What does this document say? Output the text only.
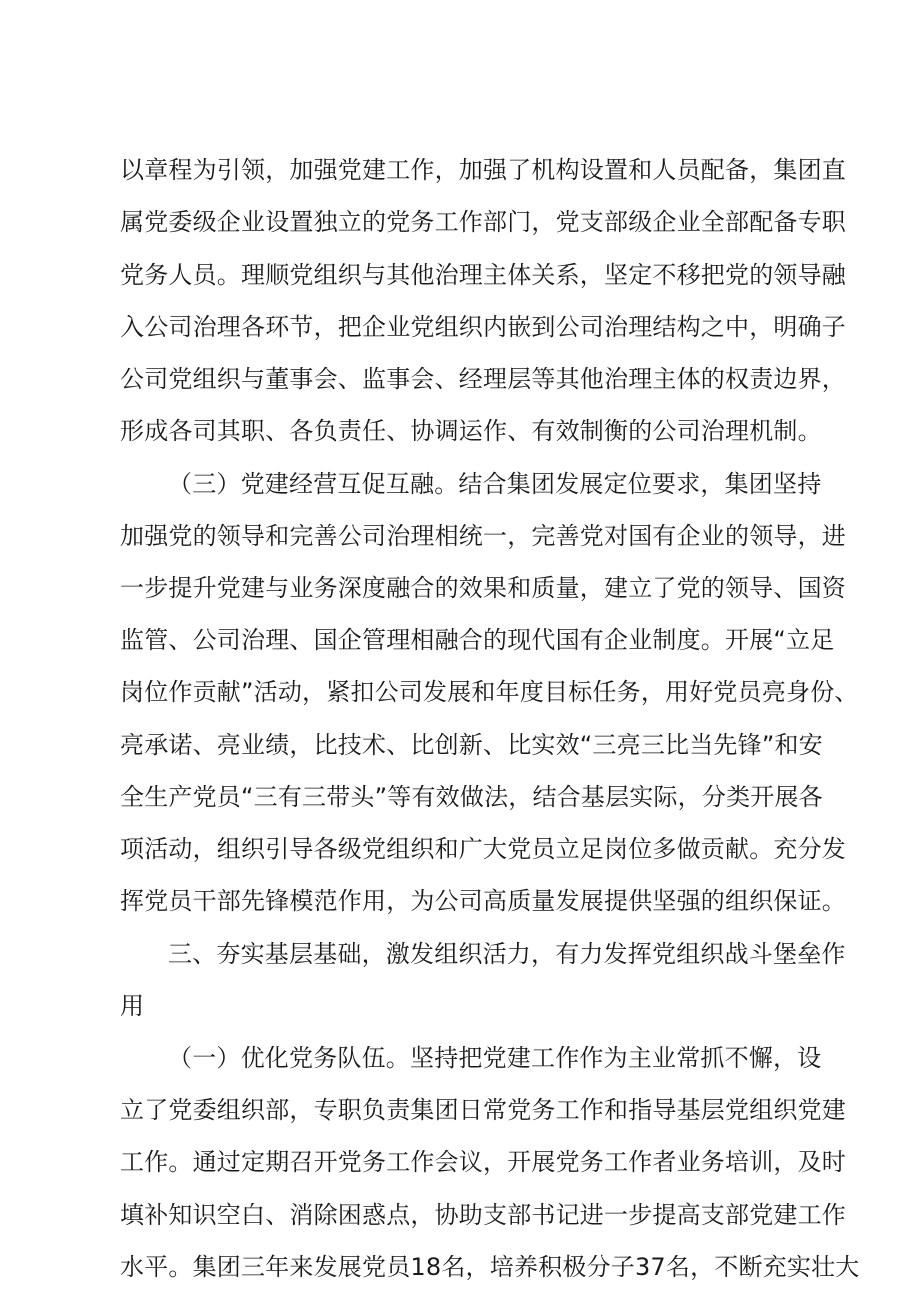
以章程为引领，加强党建工作，加强了机构设置和人员配备，集团直
属党委级企业设置独立的党务工作部门，党支部级企业全部配备专职
党务人员。理顺党组织与其他治理主体关系，坚定不移把党的领导融
入公司治理各环节，把企业党组织内嵌到公司治理结构之中，明确子
公司党组织与董事会、监事会、经理层等其他治理主体的权责边界，
形成各司其职、各负责任、协调运作、有效制衡的公司治理机制。
（三）党建经营互促互融。结合集团发展定位要求，集团坚持
加强党的领导和完善公司治理相统一，完善党对国有企业的领导，进
一步提升党建与业务深度融合的效果和质量，建立了党的领导、国资
监管、公司治理、国企管理相融合的现代国有企业制度。开展“立足
岗位作贡献”活动，紧扣公司发展和年度目标任务，用好党员亮身份、
亮承诺、亮业绩，比技术、比创新、比实效“三亮三比当先锋”和安
全生产党员“三有三带头”等有效做法，结合基层实际，分类开展各
项活动，组织引导各级党组织和广大党员立足岗位多做贡献。充分发
挥党员干部先锋模范作用，为公司高质量发展提供坚强的组织保证。
三、夯实基层基础，激发组织活力，有力发挥党组织战斗堡垒作
用
（一）优化党务队伍。坚持把党建工作作为主业常抓不懈，设
立了党委组织部，专职负责集团日常党务工作和指导基层党组织党建
工作。通过定期召开党务工作会议，开展党务工作者业务培训，及时
填补知识空白、消除困惑点，协助支部书记进一步提高支部党建工作
水平。集团三年来发展党员18名，培养积极分子37名，不断充实壮大
